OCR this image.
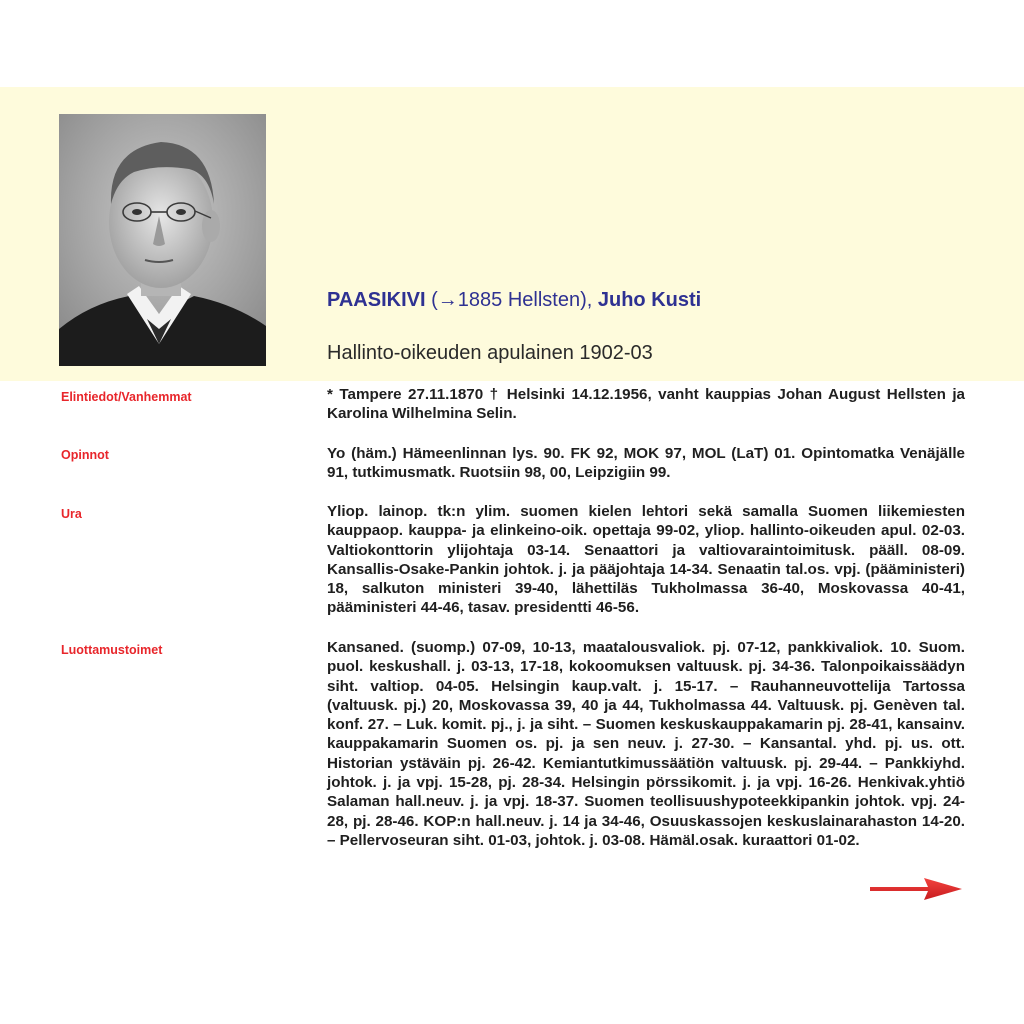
PAASIKIVI (→1885 Hellsten), Juho Kusti
Hallinto-oikeuden apulainen 1902-03
Elintiedot/Vanhemmat	* Tampere 27.11.1870 † Helsinki 14.12.1956, vanht kauppias Johan August Hellsten ja Karolina Wilhelmina Selin.
Opinnot	Yo (häm.) Hämeenlinnan lys. 90. FK 92, MOK 97, MOL (LaT) 01. Opintomatka Venäjälle 91, tutkimusmatk. Ruotsiin 98, 00, Leipzigiin 99.
Ura	Yliop. lainop. tk:n ylim. suomen kielen lehtori sekä samalla Suomen liikemiesten kauppaop. kauppa- ja elinkeino-oik. opettaja 99-02, yliop. hallinto-oikeuden apul. 02-03. Valtiokonttorin ylijohtaja 03-14. Senaattori ja valtiovaraintoimitusk. pääll. 08-09. Kansallis-Osake-Pankin johtok. j. ja pääjohtaja 14-34. Senaatin tal.os. vpj. (pääministeri) 18, salkuton ministeri 39-40, lähettiläs Tukholmassa 36-40, Moskovassa 40-41, pääministeri 44-46, tasav. presidentti 46-56.
Luottamustoimet	Kansaned. (suomp.) 07-09, 10-13, maatalousvaliok. pj. 07-12, pankkivaliok. 10. Suom. puol. keskushall. j. 03-13, 17-18, kokoomuksen valtuusk. pj. 34-36. Talonpoikaissäädyn siht. valtiop. 04-05. Helsingin kaup.valt. j. 15-17. – Rauhanneuvottelija Tartossa (valtuusk. pj.) 20, Moskovassa 39, 40 ja 44, Tukholmassa 44. Valtuusk. pj. Genèven tal. konf. 27. – Luk. komit. pj., j. ja siht. – Suomen keskuskauppakamarin pj. 28-41, kansainv. kauppakamarin Suomen os. pj. ja sen neuv. j. 27-30. – Kansantal. yhd. pj. us. ott. Historian ystäväin pj. 26-42. Kemiantutkimussäätiön valtuusk. pj. 29-44. – Pankkiyhd. johtok. j. ja vpj. 15-28, pj. 28-34. Helsingin pörssikomit. j. ja vpj. 16-26. Henkivak.yhtiö Salaman hall.neuv. j. ja vpj. 18-37. Suomen teollisuushypoteekkipankin johtok. vpj. 24-28, pj. 28-46. KOP:n hall.neuv. j. 14 ja 34-46, Osuuskassojen keskuslainarahaston 14-20. – Pellervoseuran siht. 01-03, johtok. j. 03-08. Hämäl.osak. kuraattori 01-02.
